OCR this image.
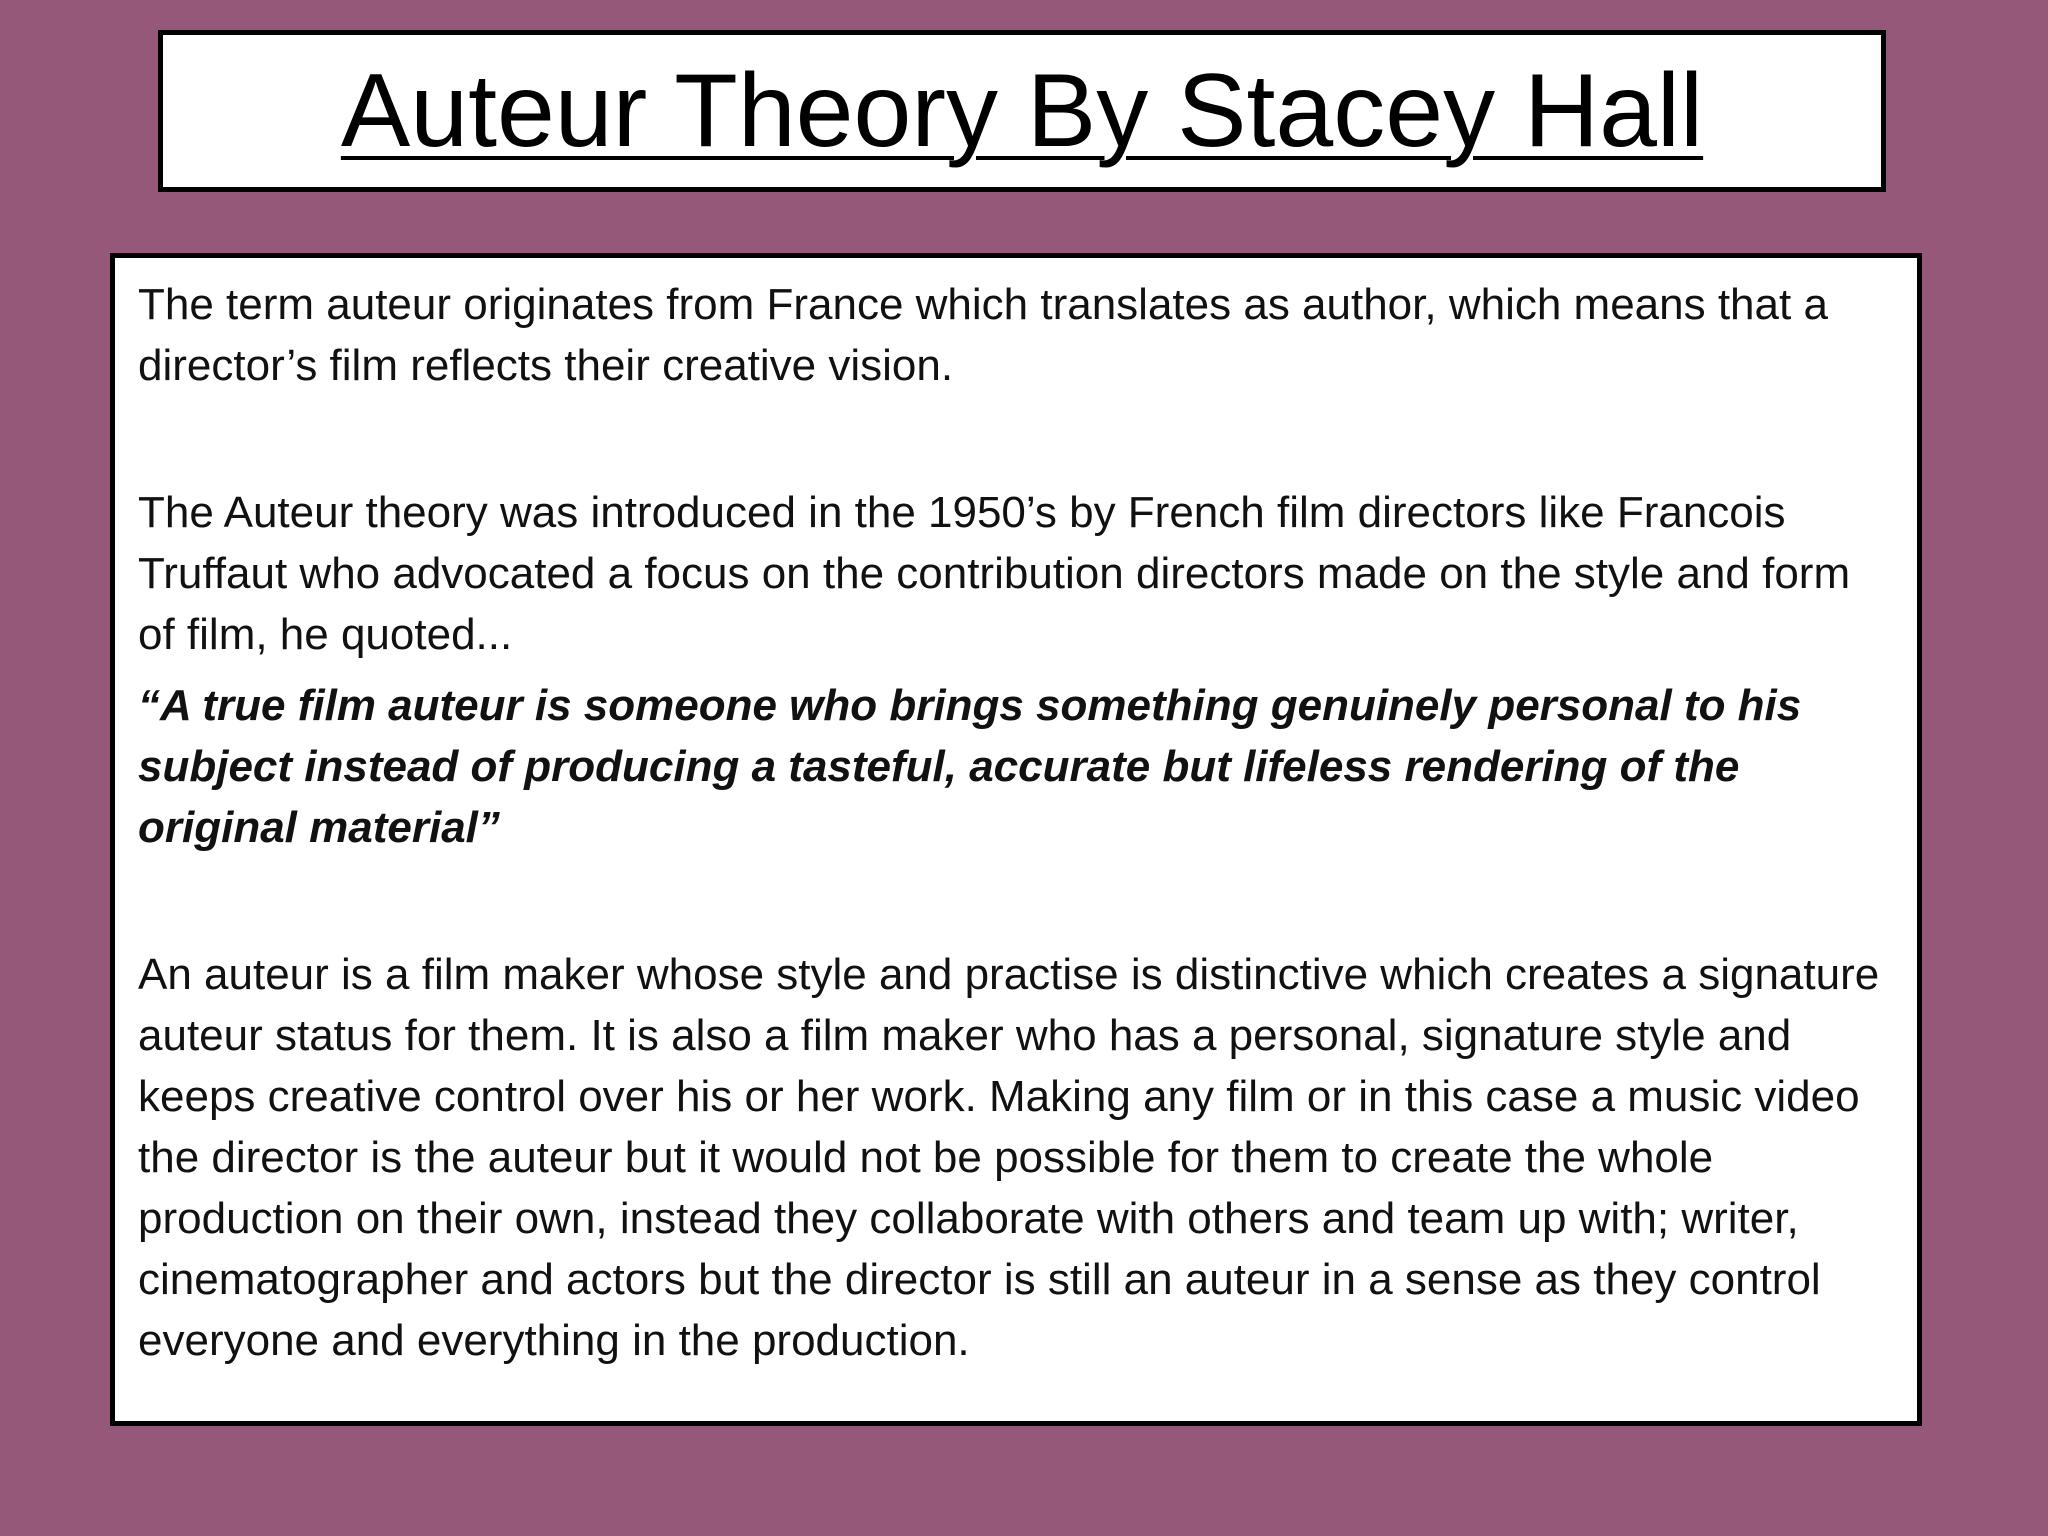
Auteur Theory By Stacey Hall

The term auteur originates from France which translates as author, which means that a director’s film reflects their creative vision.

The Auteur theory was introduced in the 1950’s by French film directors like Francois Truffaut who advocated a focus on the contribution directors made on the style and form of film, he quoted...

“A true film auteur is someone who brings something genuinely personal to his subject instead of producing a tasteful, accurate but lifeless rendering of the original material”

An auteur is a film maker whose style and practise is distinctive which creates a signature auteur status for them. It is also a film maker who has a personal, signature style and keeps creative control over his or her work. Making any film or in this case a music video the director is the auteur but it would not be possible for them to create the whole production on their own, instead they collaborate with others and team up with; writer, cinematographer and actors but the director is still an auteur in a sense as they control everyone and everything in the production.
